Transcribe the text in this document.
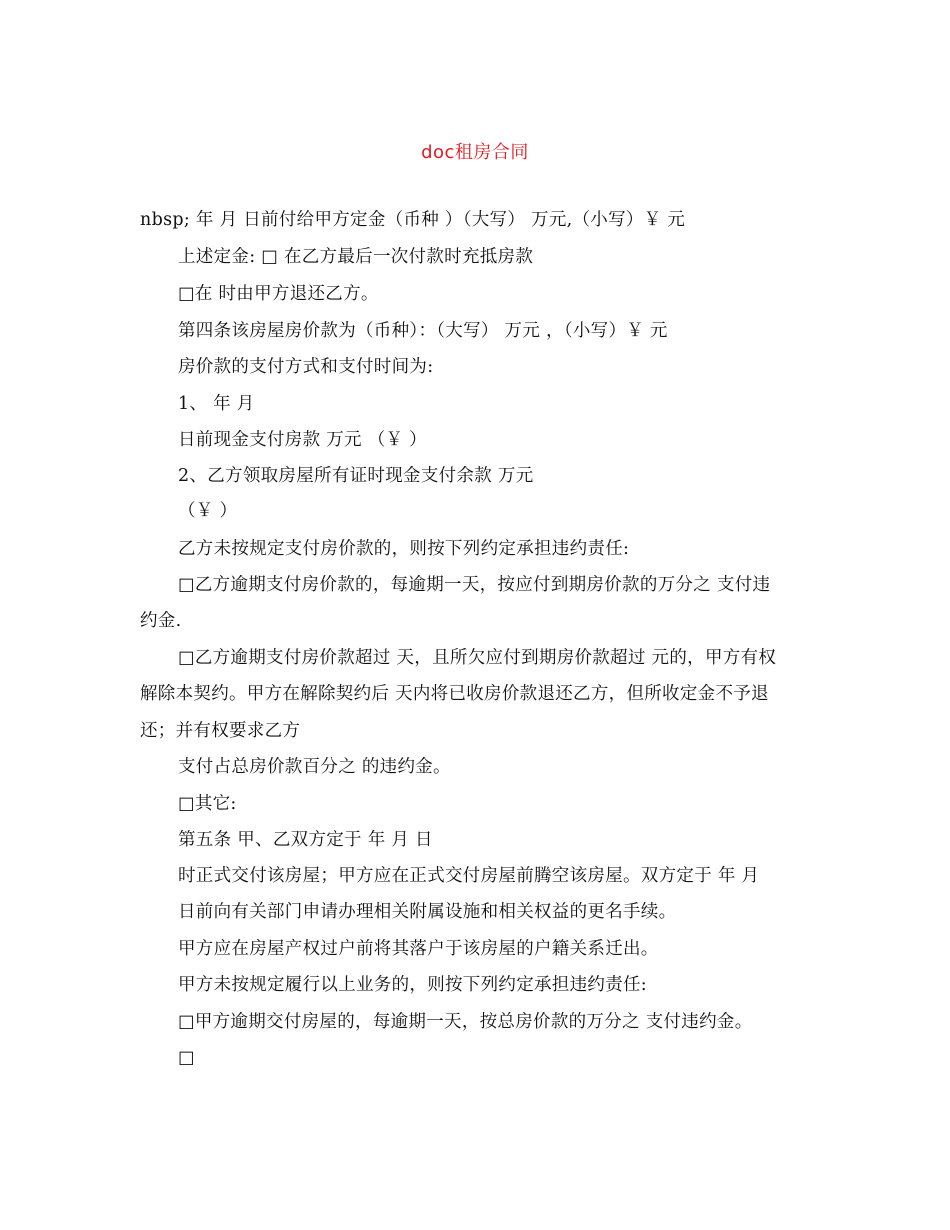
doc租房合同
nbsp; 年 月 日前付给甲方定金（币种 ）（大写） 万元,（小写）￥ 元
上述定金: □ 在乙方最后一次付款时充抵房款
□在 时由甲方退还乙方。
第四条该房屋房价款为（币种）：（大写） 万元 ，（小写）￥ 元
房价款的支付方式和支付时间为:
1、 年 月
日前现金支付房款 万元 （￥ ）
2、乙方领取房屋所有证时现金支付余款 万元
（￥ ）
乙方未按规定支付房价款的，则按下列约定承担违约责任:
□乙方逾期支付房价款的，每逾期一天，按应付到期房价款的万分之 支付违
约金.
□乙方逾期支付房价款超过 天，且所欠应付到期房价款超过 元的，甲方有权
解除本契约。甲方在解除契约后 天内将已收房价款退还乙方，但所收定金不予退
还；并有权要求乙方
支付占总房价款百分之 的违约金。
□其它:
第五条 甲、乙双方定于 年 月 日
时正式交付该房屋；甲方应在正式交付房屋前腾空该房屋。双方定于 年 月
日前向有关部门申请办理相关附属设施和相关权益的更名手续。
甲方应在房屋产权过户前将其落户于该房屋的户籍关系迁出。
甲方未按规定履行以上业务的，则按下列约定承担违约责任:
□甲方逾期交付房屋的，每逾期一天，按总房价款的万分之 支付违约金。
□
